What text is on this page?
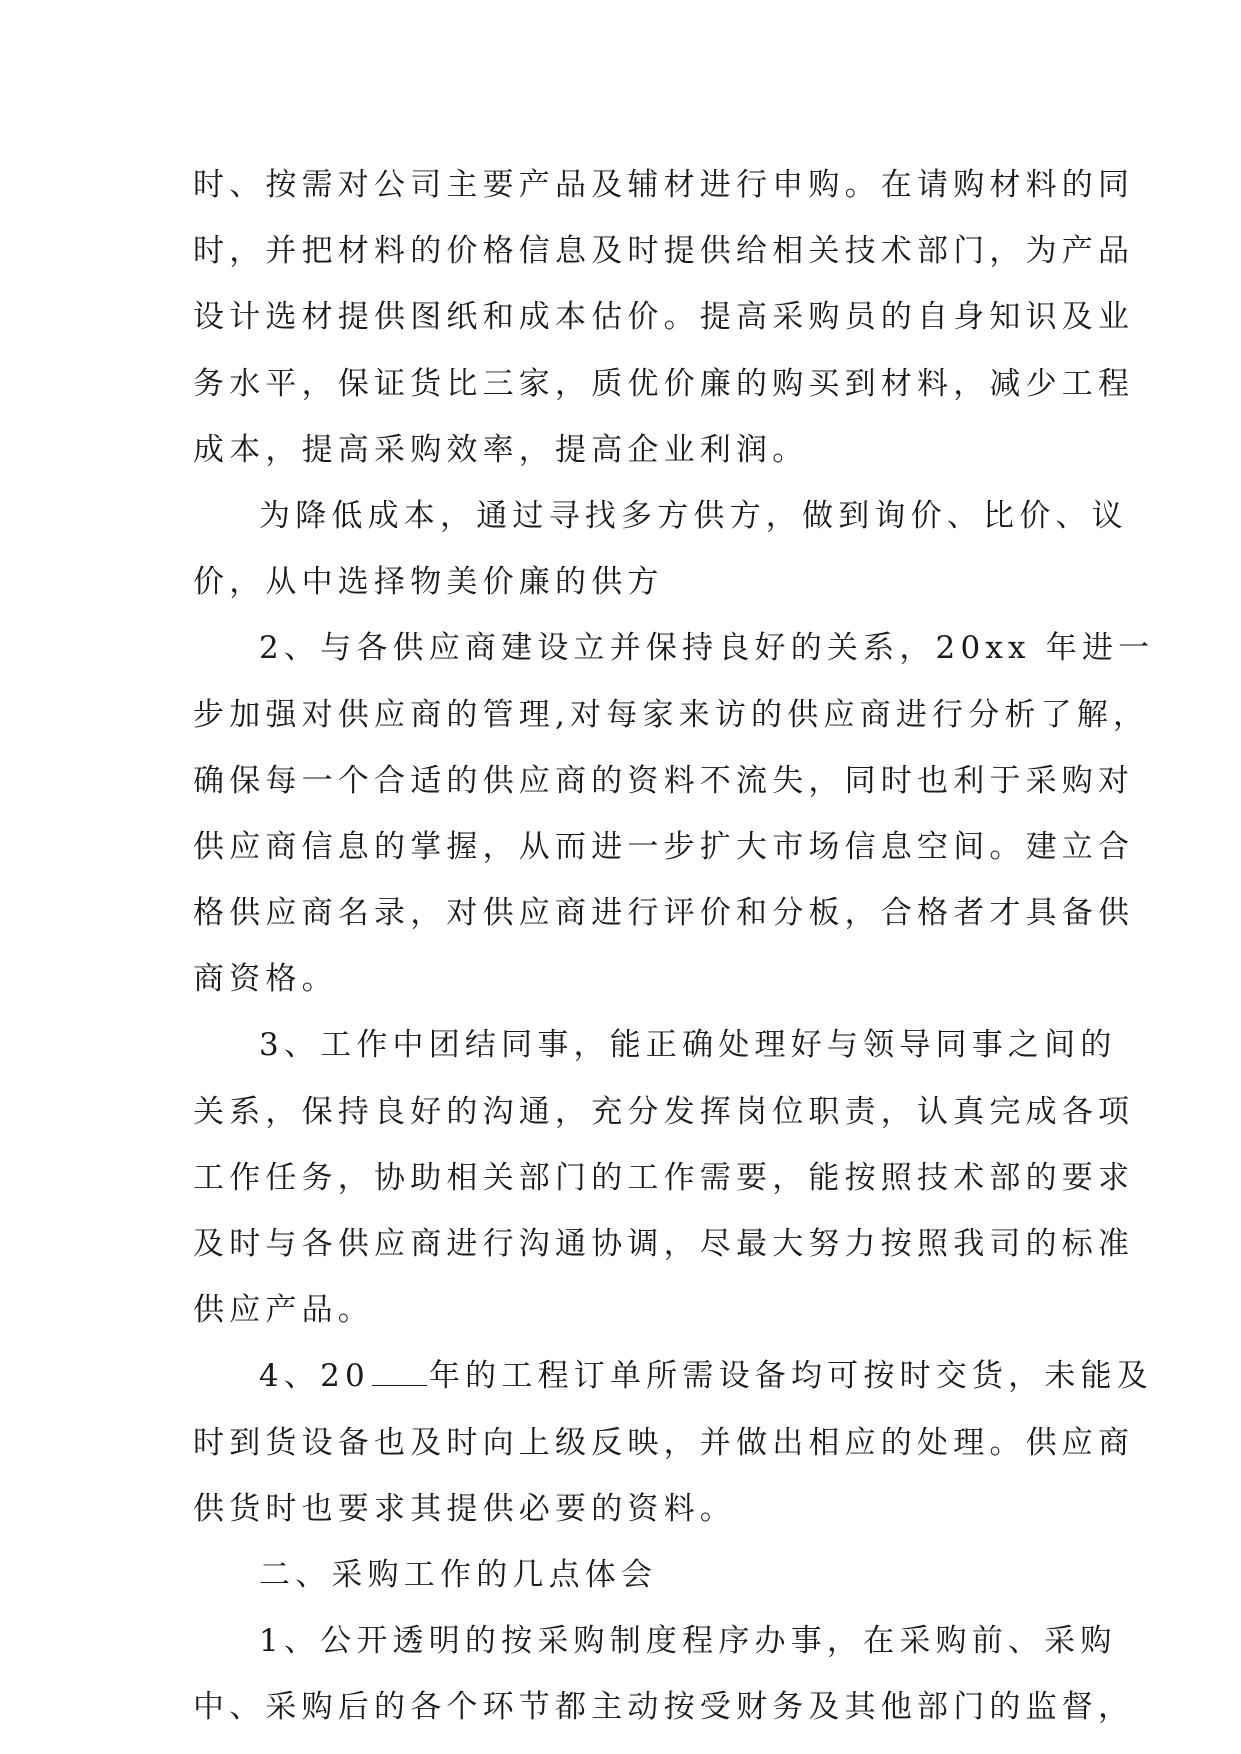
时、按需对公司主要产品及辅材进行申购。在请购材料的同
时，并把材料的价格信息及时提供给相关技术部门，为产品
设计选材提供图纸和成本估价。提高采购员的自身知识及业
务水平，保证货比三家，质优价廉的购买到材料，减少工程
成本，提高采购效率，提高企业利润。
为降低成本，通过寻找多方供方，做到询价、比价、议
价，从中选择物美价廉的供方
2、与各供应商建设立并保持良好的关系，20xx 年进一
步加强对供应商的管理,对每家来访的供应商进行分析了解，
确保每一个合适的供应商的资料不流失，同时也利于采购对
供应商信息的掌握，从而进一步扩大市场信息空间。建立合
格供应商名录，对供应商进行评价和分板，合格者才具备供
商资格。
3、工作中团结同事，能正确处理好与领导同事之间的
关系，保持良好的沟通，充分发挥岗位职责，认真完成各项
工作任务，协助相关部门的工作需要，能按照技术部的要求
及时与各供应商进行沟通协调，尽最大努力按照我司的标准
供应产品。
4、20 年的工程订单所需设备均可按时交货，未能及
时到货设备也及时向上级反映，并做出相应的处理。供应商
供货时也要求其提供必要的资料。
二、采购工作的几点体会
1、公开透明的按采购制度程序办事，在采购前、采购
中、采购后的各个环节都主动按受财务及其他部门的监督，
